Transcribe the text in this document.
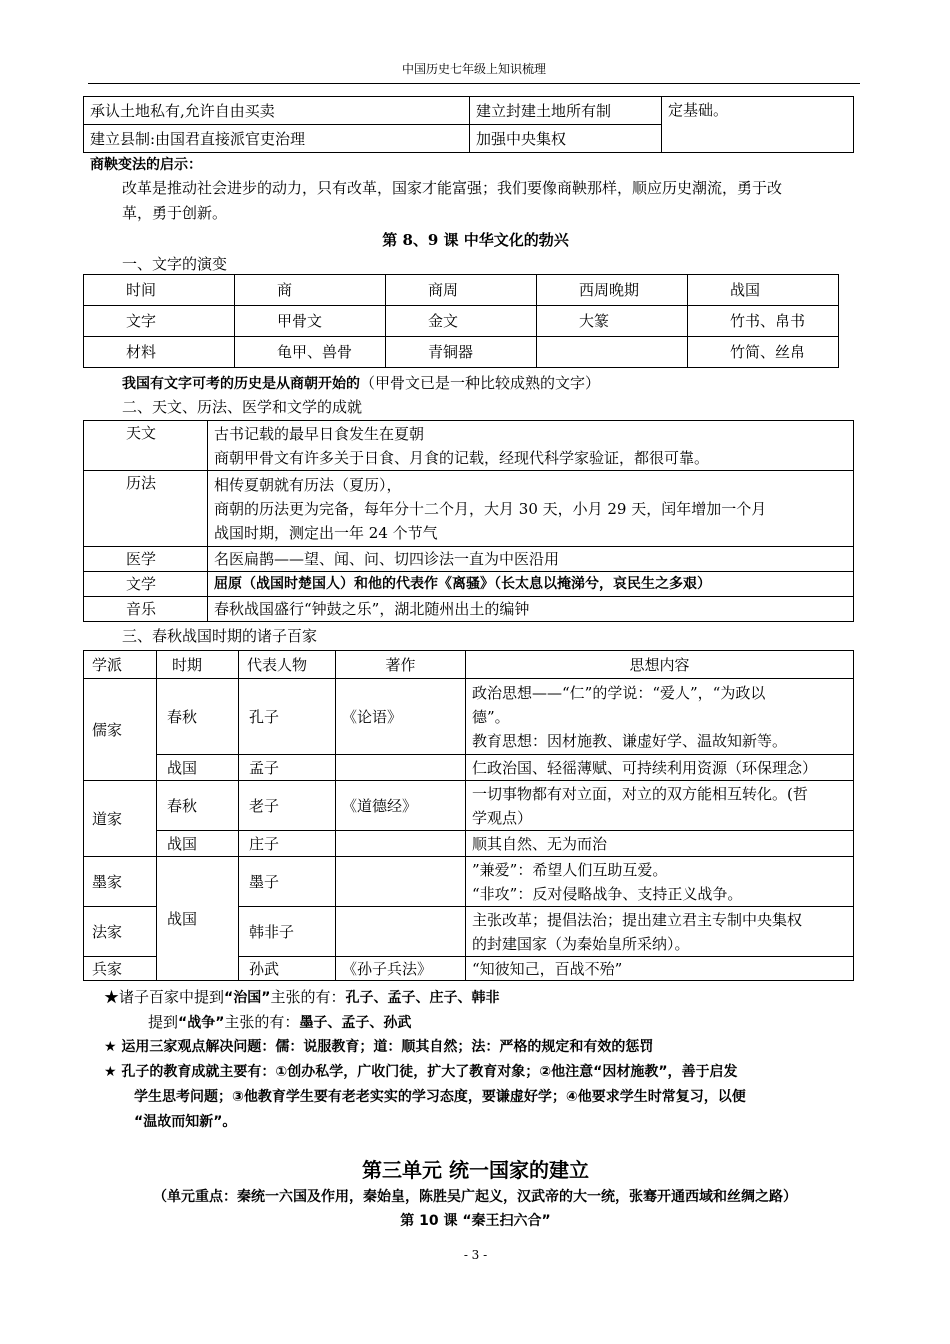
中国历史七年级上知识梳理
承认土地私有,允许自由买卖	建立封建土地所有制	定基础。
建立县制:由国君直接派官吏治理	加强中央集权	
商鞅变法的启示：
改革是推动社会进步的动力，只有改革，国家才能富强；我们要像商鞅那样，顺应历史潮流，勇于改
革，勇于创新。
第 8、9 课 中华文化的勃兴
一、文字的演变
时间	商	商周	西周晚期	战国
文字	甲骨文	金文	大篆	竹书、帛书
材料	龟甲、兽骨	青铜器		竹简、丝帛
我国有文字可考的历史是从商朝开始的（甲骨文已是一种比较成熟的文字）
二、天文、历法、医学和文学的成就
天文	古书记载的最早日食发生在夏朝
商朝甲骨文有许多关于日食、月食的记载，经现代科学家验证，都很可靠。

历法	相传夏朝就有历法（夏历），
商朝的历法更为完备，每年分十二个月，大月 30 天，小月 29 天，闰年增加一个月
战国时期，测定出一年 24 个节气

医学	名医扁鹊——望、闻、问、切四诊法一直为中医沿用
文学	屈原（战国时楚国人）和他的代表作《离骚》（长太息以掩涕兮，哀民生之多艰）
音乐	春秋战国盛行“钟鼓之乐”，湖北随州出土的编钟
三、春秋战国时期的诸子百家
学派	时期	代表人物	著作	思想内容
儒家	春秋	孔子	《论语》	政治思想——“仁”的学说：“爱人”，“为政以
德”。
教育思想：因材施教、谦虚好学、温故知新等。

	战国	孟子		仁政治国、轻徭薄赋、可持续利用资源（环保理念）
道家	春秋	老子	《道德经》	一切事物都有对立面，对立的双方能相互转化。(哲
学观点）

	战国	庄子		顺其自然、无为而治
墨家	战国	墨子		”兼爱”：希望人们互助互爱。
“非攻”：反对侵略战争、支持正义战争。

法家		韩非子		主张改革；提倡法治；提出建立君主专制中央集权
的封建国家（为秦始皇所采纳）。

兵家		孙武	《孙子兵法》	“知彼知己，百战不殆”
★诸子百家中提到“治国”主张的有：孔子、孟子、庄子、韩非
提到“战争”主张的有：墨子、孟子、孙武
★ 运用三家观点解决问题：儒：说服教育；道：顺其自然；法：严格的规定和有效的惩罚
★ 孔子的教育成就主要有：①创办私学，广收门徒，扩大了教育对象；②他注意“因材施教”，善于启发
学生思考问题；③他教育学生要有老老实实的学习态度，要谦虚好学；④他要求学生时常复习，以便
“温故而知新”。
第三单元 统一国家的建立
（单元重点：秦统一六国及作用，秦始皇，陈胜吴广起义，汉武帝的大一统，张骞开通西域和丝绸之路）
第 10 课 “秦王扫六合”
- 3 -
